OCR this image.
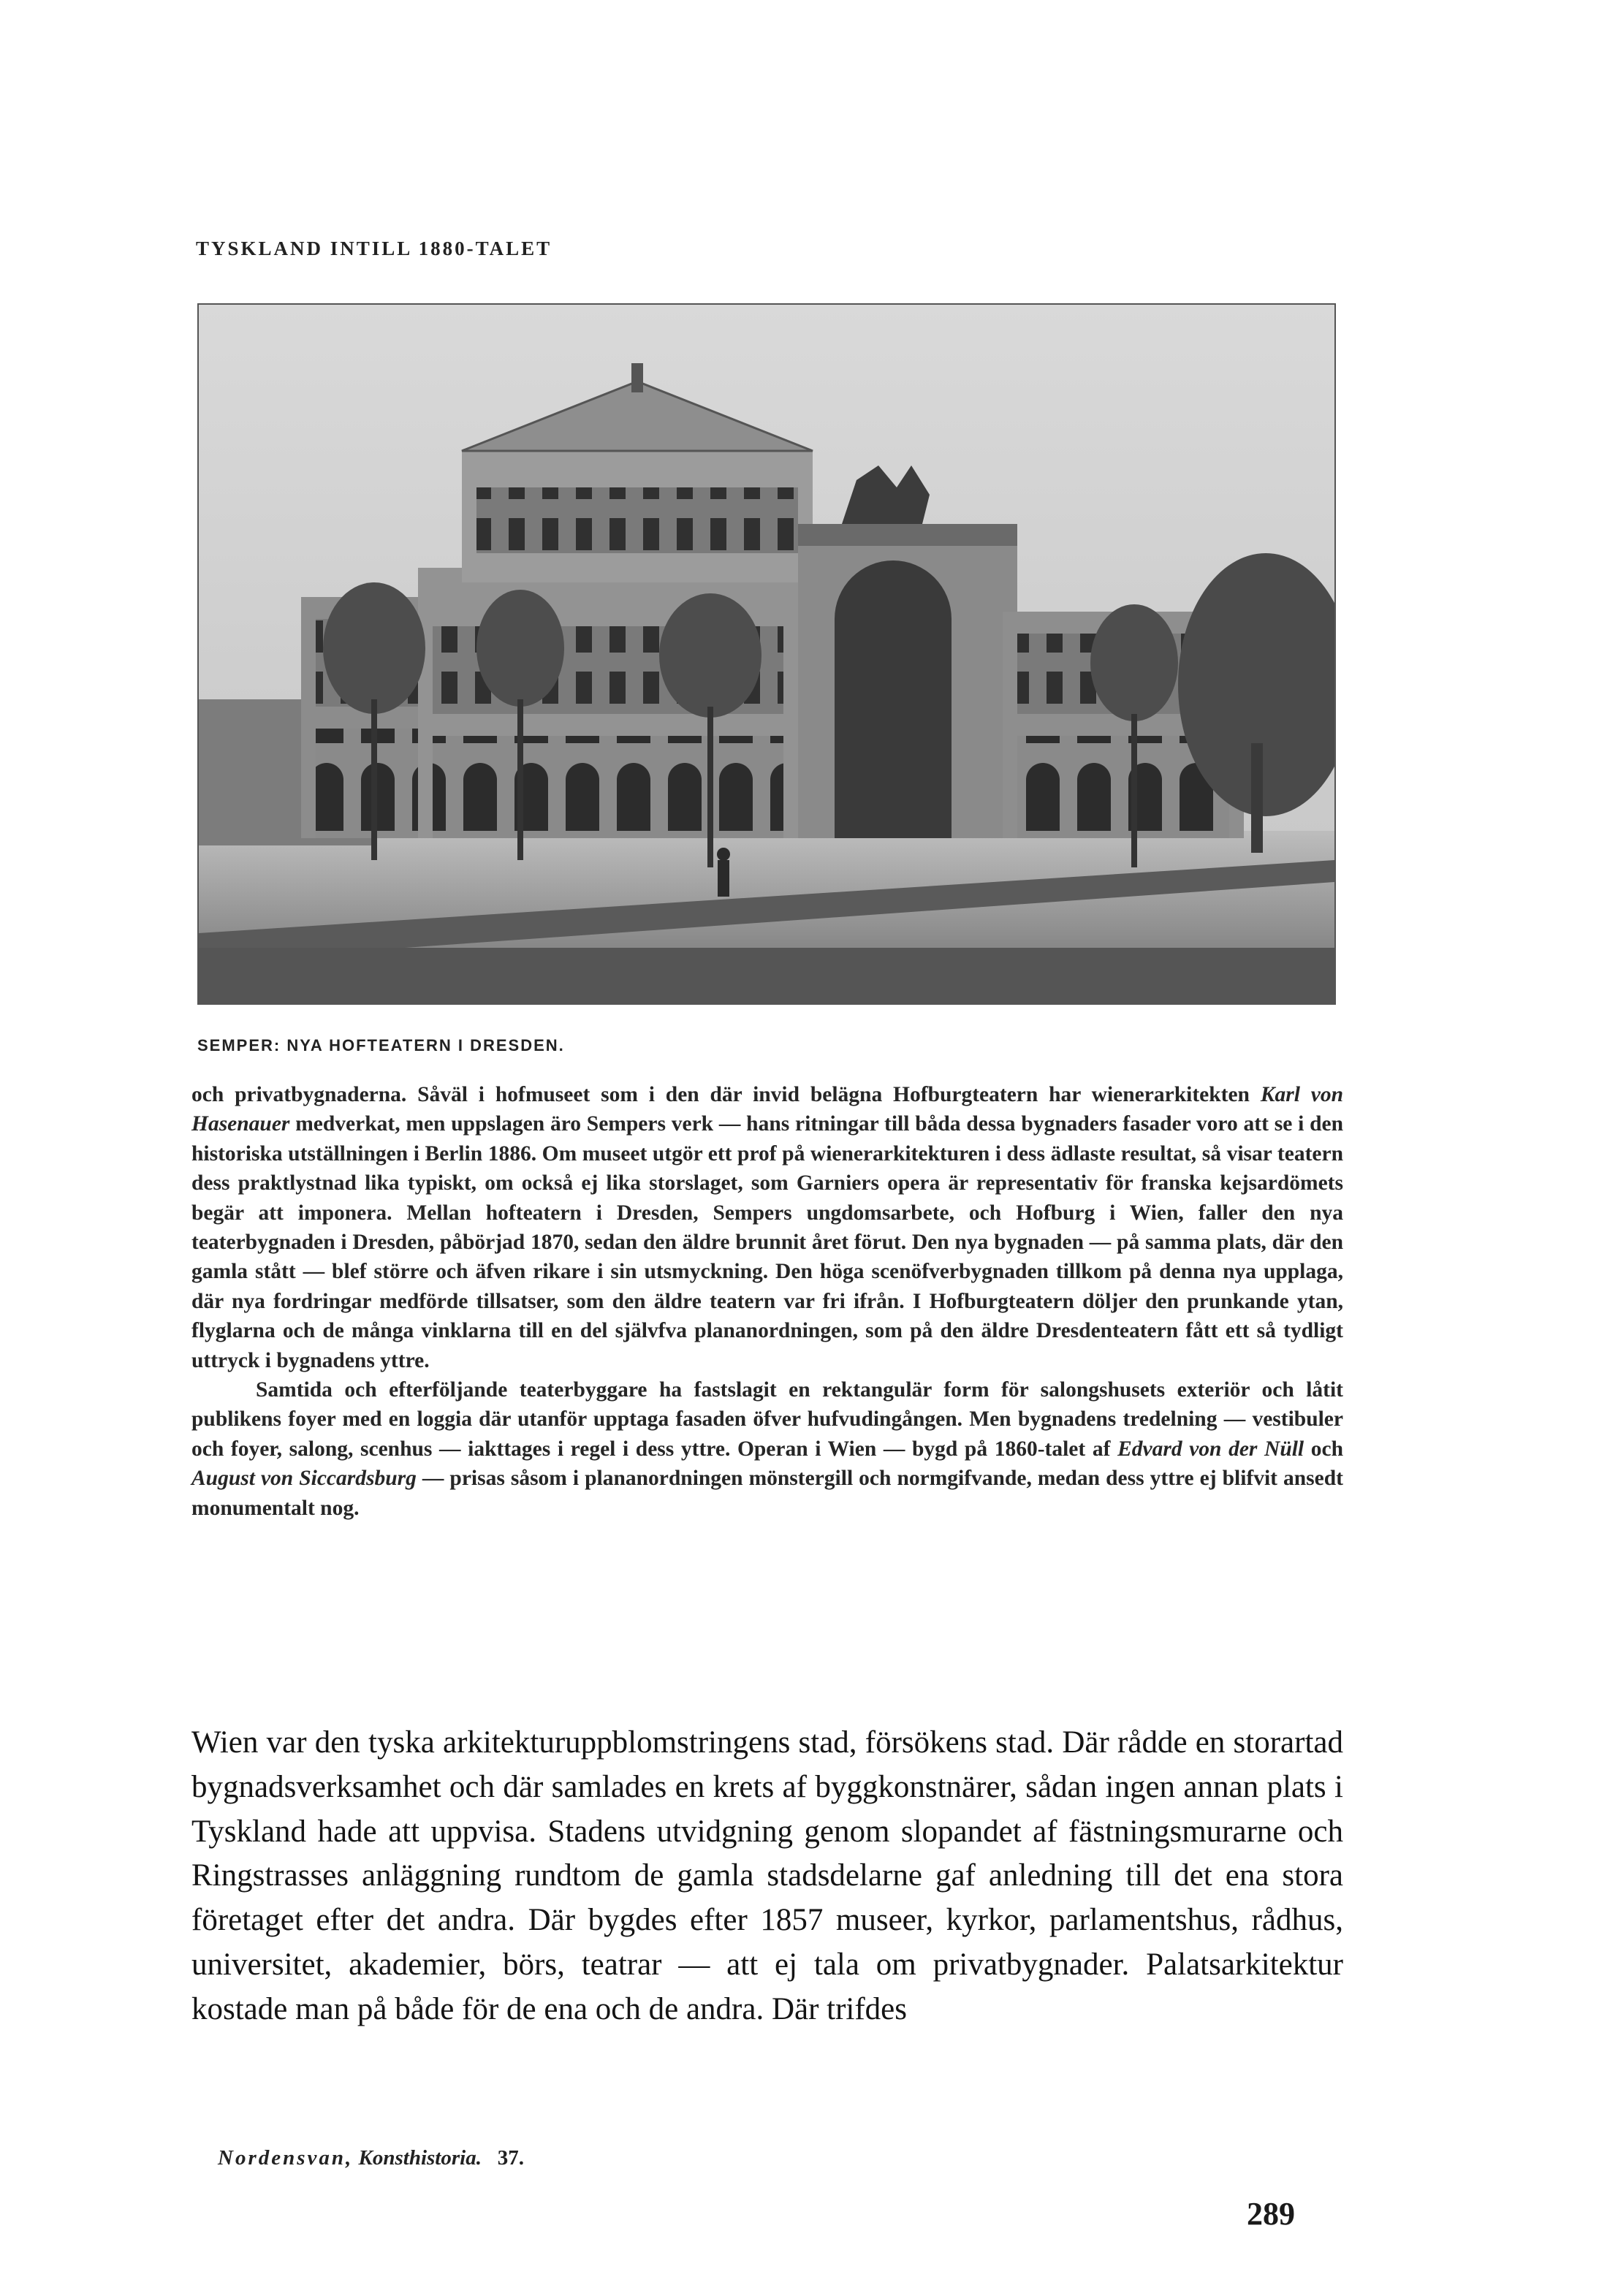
TYSKLAND INTILL 1880-TALET
SEMPER: NYA HOFTEATERN I DRESDEN.

och privatbygnaderna. Såväl i hofmuseet som i den där invid belägna Hofburgteatern har wienerarkitekten Karl von Hasenauer medverkat, men uppslagen äro Sempers verk — hans ritningar till båda dessa bygnaders fasader voro att se i den historiska utställningen i Berlin 1886. Om museet utgör ett prof på wienerarkitekturen i dess ädlaste resultat, så visar teatern dess praktlystnad lika typiskt, om också ej lika storslaget, som Garniers opera är representativ för franska kejsardömets begär att imponera. Mellan hofteatern i Dresden, Sempers ungdomsarbete, och Hofburg i Wien, faller den nya teaterbygnaden i Dresden, påbörjad 1870, sedan den äldre brunnit året förut. Den nya bygnaden — på samma plats, där den gamla stått — blef större och äfven rikare i sin utsmyckning. Den höga scenöfverbygnaden tillkom på denna nya upplaga, där nya fordringar medförde tillsatser, som den äldre teatern var fri ifrån. I Hofburgteatern döljer den prunkande ytan, flyglarna och de många vinklarna till en del självfva plananordningen, som på den äldre Dresdenteatern fått ett så tydligt uttryck i bygnadens yttre.

Samtida och efterföljande teaterbyggare ha fastslagit en rektangulär form för salongshusets exteriör och låtit publikens foyer med en loggia där utanför upptaga fasaden öfver hufvudingången. Men bygnadens tredelning — vestibuler och foyer, salong, scenhus — iakttages i regel i dess yttre. Operan i Wien — bygd på 1860-talet af Edvard von der Nüll och August von Siccardsburg — prisas såsom i plananordningen mönstergill och normgifvande, medan dess yttre ej blifvit ansedt monumentalt nog.

Wien var den tyska arkitekturuppblomstringens stad, försökens stad. Där rådde en storartad bygnadsverksamhet och där samlades en krets af byggkonstnärer, sådan ingen annan plats i Tyskland hade att uppvisa. Stadens utvidgning genom slopandet af fästningsmurarne och Ringstrasses anläggning rundtom de gamla stadsdelarne gaf anledning till det ena stora företaget efter det andra. Där bygdes efter 1857 museer, kyrkor, parlamentshus, rådhus, universitet, akademier, börs, teatrar — att ej tala om privatbygnader. Palatsarkitektur kostade man på både för de ena och de andra. Där trifdes

Nordensvan, Konsthistoria. 37.
289
